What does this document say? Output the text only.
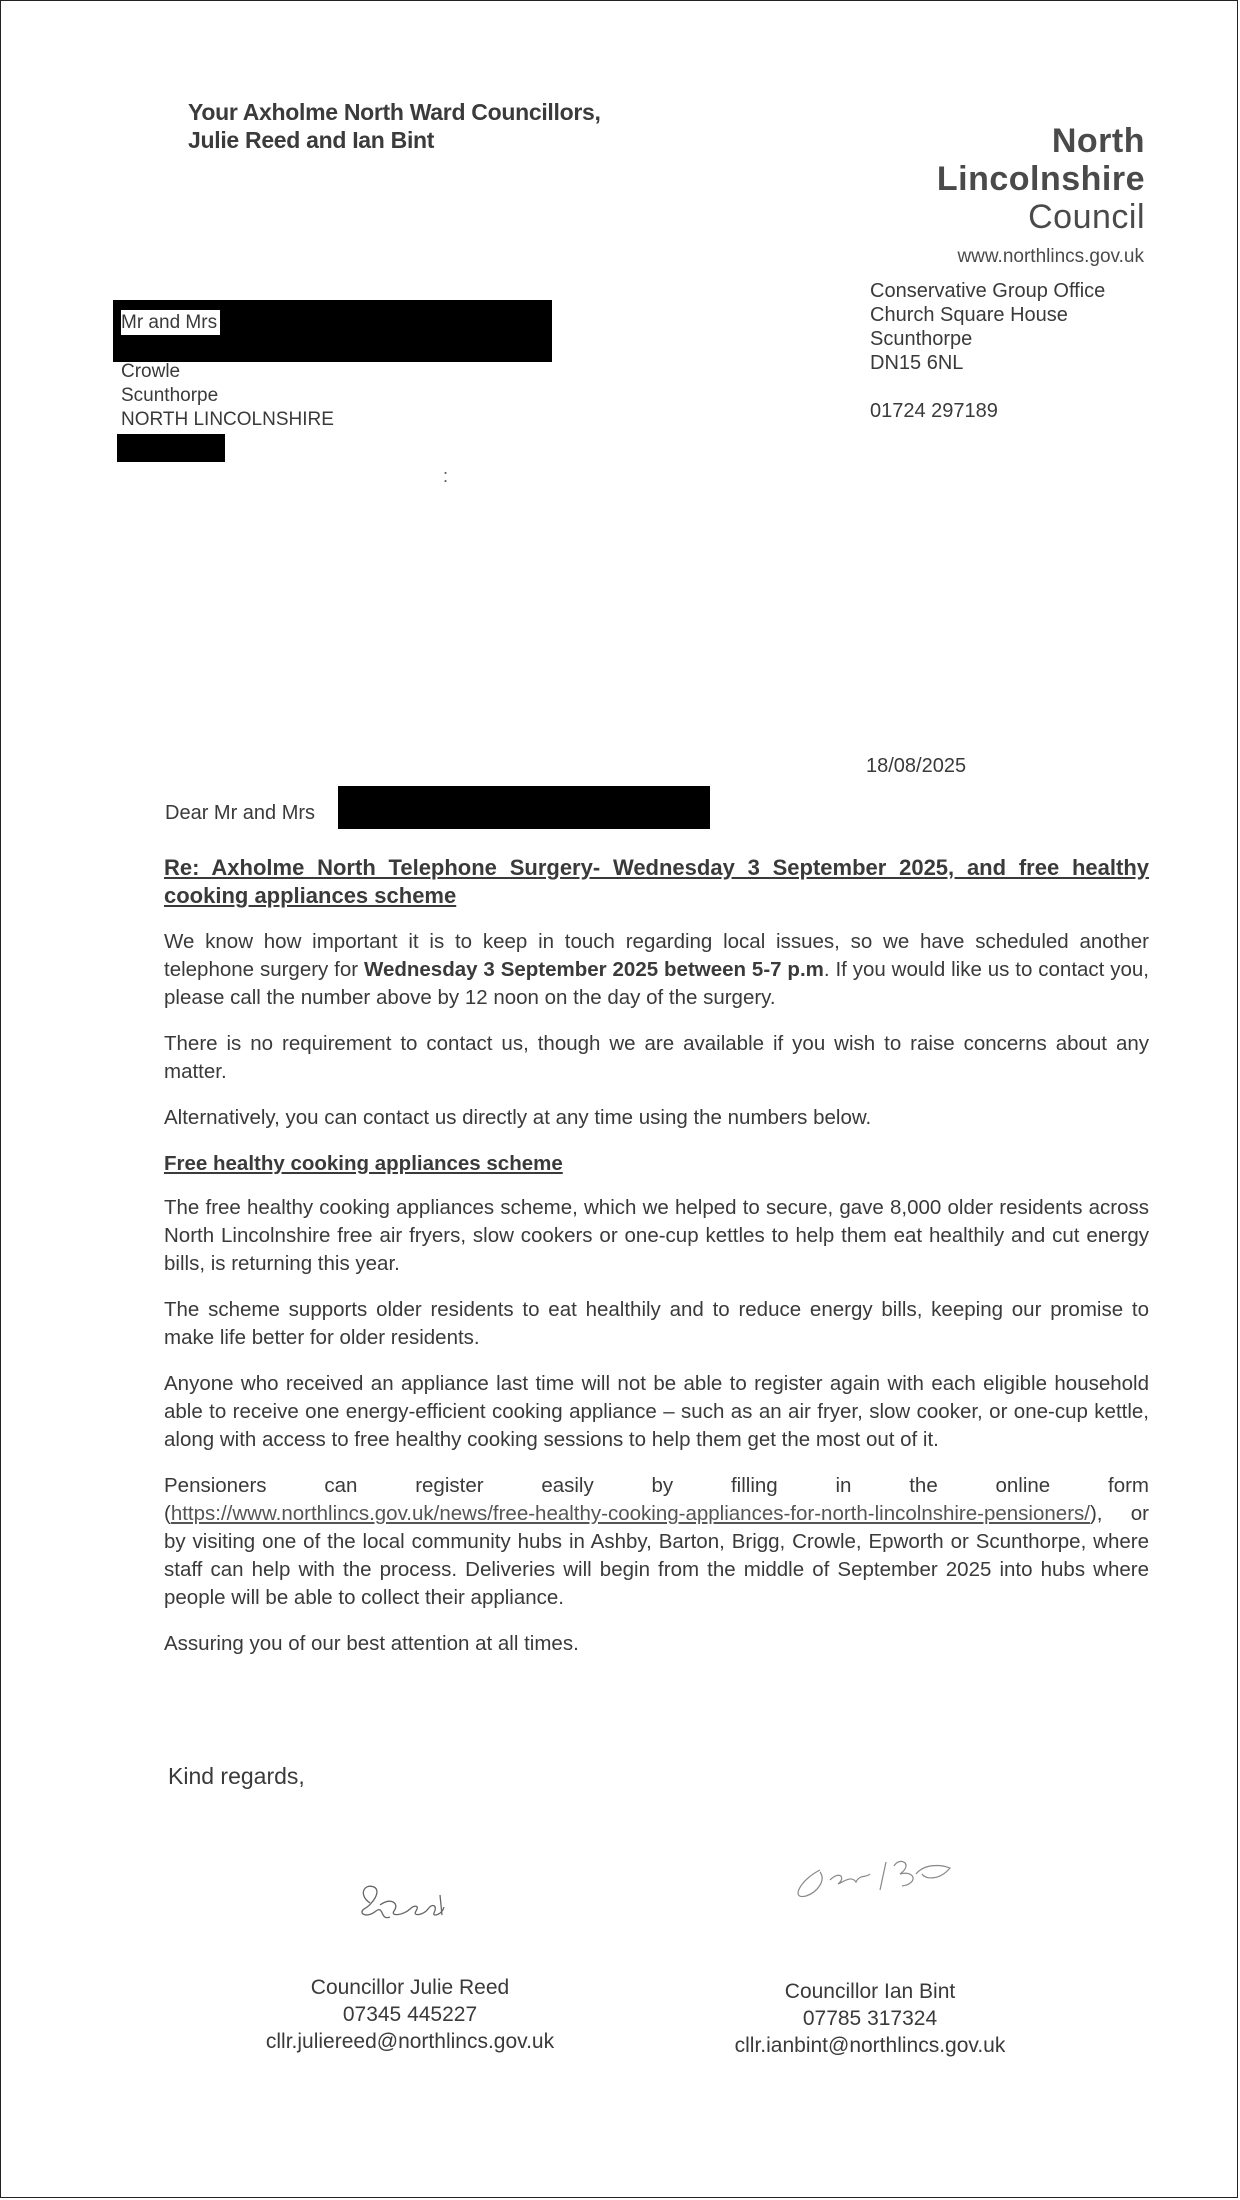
Your Axholme North Ward Councillors,
Julie Reed and Ian Bint	North
Lincolnshire
Council
www.northlincs.gov.uk
Conservative Group Office
Church Square House
Scunthorpe
DN15 6NL
01724 297189
Mr and Mrs
Crowle
Scunthorpe
NORTH LINCOLNSHIRE
:
18/08/2025
Dear Mr and Mrs
Re: Axholme North Telephone Surgery- Wednesday 3 September 2025, and free healthy cooking appliances scheme

We know how important it is to keep in touch regarding local issues, so we have scheduled another telephone surgery for Wednesday 3 September 2025 between 5-7 p.m. If you would like us to contact you, please call the number above by 12 noon on the day of the surgery.

There is no requirement to contact us, though we are available if you wish to raise concerns about any matter.

Alternatively, you can contact us directly at any time using the numbers below.

Free healthy cooking appliances scheme

The free healthy cooking appliances scheme, which we helped to secure, gave 8,000 older residents across North Lincolnshire free air fryers, slow cookers or one-cup kettles to help them eat healthily and cut energy bills, is returning this year.

The scheme supports older residents to eat healthily and to reduce energy bills, keeping our promise to make life better for older residents.

Anyone who received an appliance last time will not be able to register again with each eligible household able to receive one energy-efficient cooking appliance – such as an air fryer, slow cooker, or one-cup kettle, along with access to free healthy cooking sessions to help them get the most out of it.

Pensioners	can	register	easily	by	filling	in	the	online	form
(https://www.northlincs.gov.uk/news/free-healthy-cooking-appliances-for-north-lincolnshire-pensioners/), or by visiting one of the local community hubs in Ashby, Barton, Brigg, Crowle, Epworth or Scunthorpe, where staff can help with the process. Deliveries will begin from the middle of September 2025 into hubs where people will be able to collect their appliance.

Assuring you of our best attention at all times.

Kind regards,
Councillor Julie Reed
07345 445227
cllr.juliereed@northlincs.gov.uk
Councillor Ian Bint
07785 317324
cllr.ianbint@northlincs.gov.uk
